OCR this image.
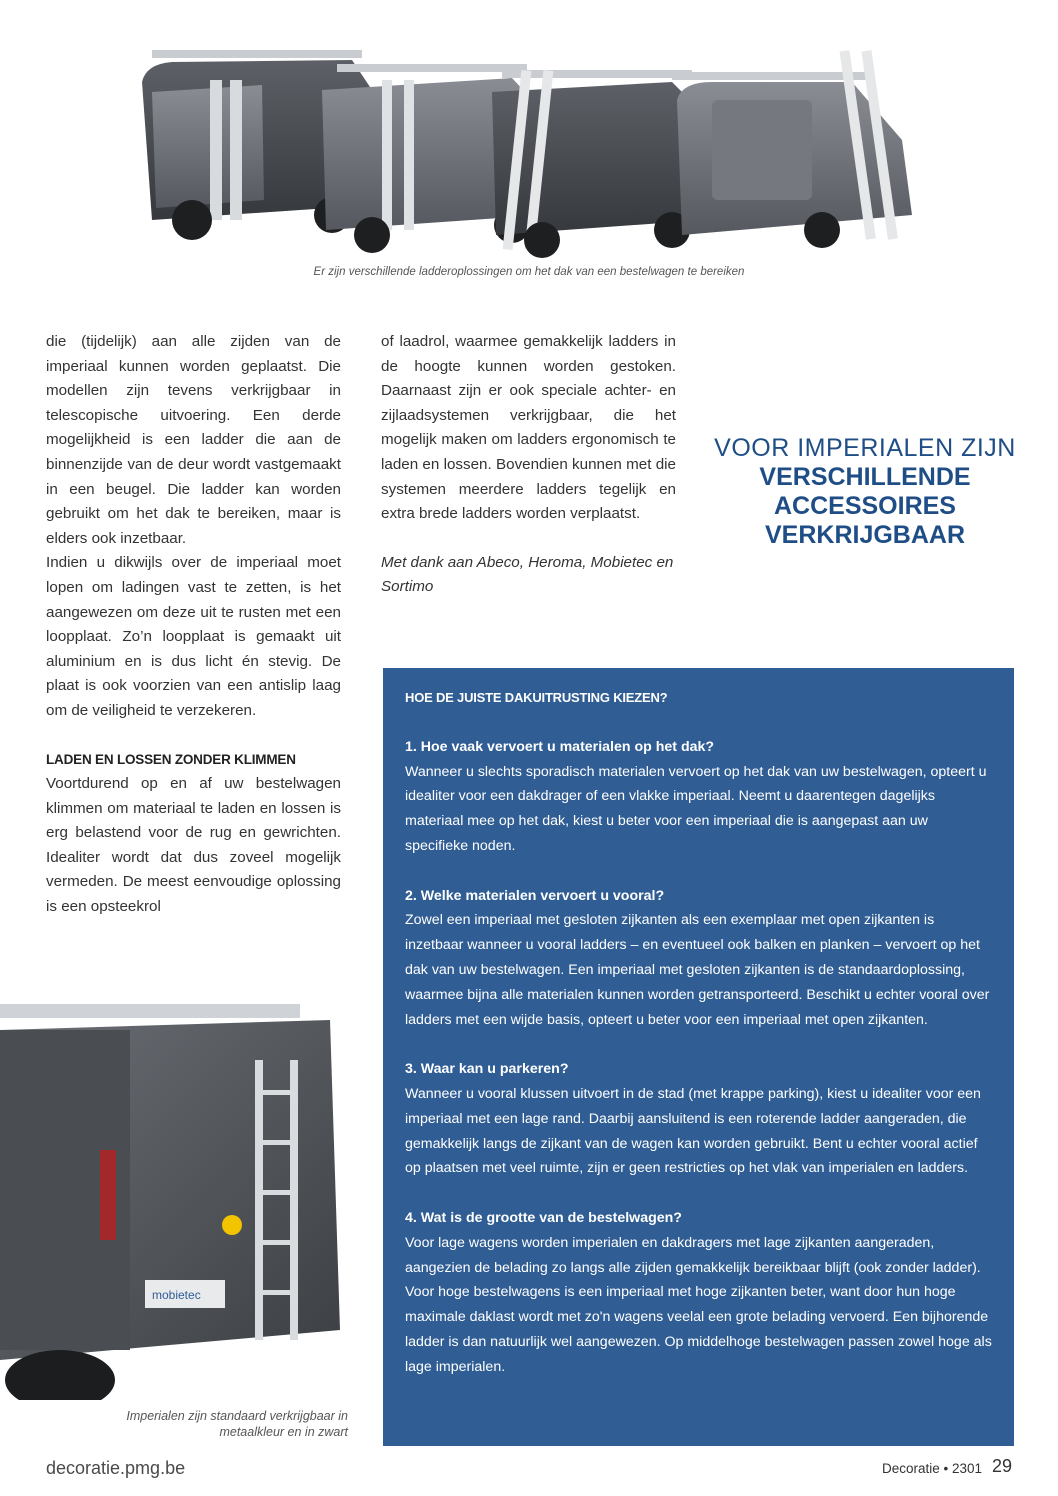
Er zijn verschillende ladderoplossingen om het dak van een bestelwagen te bereiken

die (tijdelijk) aan alle zijden van de imperiaal kunnen worden geplaatst. Die modellen zijn tevens verkrijgbaar in telescopische uitvoering. Een derde mogelijkheid is een ladder die aan de binnenzijde van de deur wordt vastgemaakt in een beugel. Die ladder kan worden gebruikt om het dak te bereiken, maar is elders ook inzetbaar.

Indien u dikwijls over de imperiaal moet lopen om ladingen vast te zetten, is het aangewezen om deze uit te rusten met een loopplaat. Zo’n loopplaat is gemaakt uit aluminium en is dus licht én stevig. De plaat is ook voorzien van een antislip laag om de veiligheid te verzekeren.

LADEN EN LOSSEN ZONDER KLIMMEN

Voortdurend op en af uw bestelwagen klimmen om materiaal te laden en lossen is erg belastend voor de rug en gewrichten. Idealiter wordt dat dus zoveel mogelijk vermeden. De meest eenvoudige oplossing is een opsteekrol

of laadrol, waarmee gemakkelijk ladders in de hoogte kunnen worden gestoken. Daarnaast zijn er ook speciale achter- en zijlaadsystemen verkrijgbaar, die het mogelijk maken om ladders ergonomisch te laden en lossen. Bovendien kunnen met die systemen meerdere ladders tegelijk en extra brede ladders worden verplaatst.

Met dank aan Abeco, Heroma, Mobietec en Sortimo

VOOR IMPERIALEN ZIJN
VERSCHILLENDE
ACCESSOIRES
VERKRIJGBAAR

HOE DE JUISTE DAKUITRUSTING KIEZEN?

1. Hoe vaak vervoert u materialen op het dak?

Wanneer u slechts sporadisch materialen vervoert op het dak van uw bestelwagen, opteert u idealiter voor een dakdrager of een vlakke imperiaal. Neemt u daarentegen dagelijks materiaal mee op het dak, kiest u beter voor een imperiaal die is aangepast aan uw specifieke noden.

2. Welke materialen vervoert u vooral?

Zowel een imperiaal met gesloten zijkanten als een exemplaar met open zijkanten is inzetbaar wanneer u vooral ladders – en eventueel ook balken en planken – vervoert op het dak van uw bestelwagen. Een imperiaal met gesloten zijkanten is de standaardoplossing, waarmee bijna alle materialen kunnen worden getransporteerd. Beschikt u echter vooral over ladders met een wijde basis, opteert u beter voor een imperiaal met open zijkanten.

3. Waar kan u parkeren?

Wanneer u vooral klussen uitvoert in de stad (met krappe parking), kiest u idealiter voor een imperiaal met een lage rand. Daarbij aansluitend is een roterende ladder aangeraden, die gemakkelijk langs de zijkant van de wagen kan worden gebruikt. Bent u echter vooral actief op plaatsen met veel ruimte, zijn er geen restricties op het vlak van imperialen en ladders.

4. Wat is de grootte van de bestelwagen?

Voor lage wagens worden imperialen en dakdragers met lage zijkanten aangeraden, aangezien de belading zo langs alle zijden gemakkelijk bereikbaar blijft (ook zonder ladder). Voor hoge bestelwagens is een imperiaal met hoge zijkanten beter, want door hun hoge maximale daklast wordt met zo'n wagens veelal een grote belading vervoerd. Een bijhorende ladder is dan natuurlijk wel aangewezen. Op middelhoge bestelwagen passen zowel hoge als lage imperialen.

mobietec
Imperialen zijn standaard verkrijgbaar in metaalkleur en in zwart
decoratie.pmg.be	Decoratie • 2301 29
